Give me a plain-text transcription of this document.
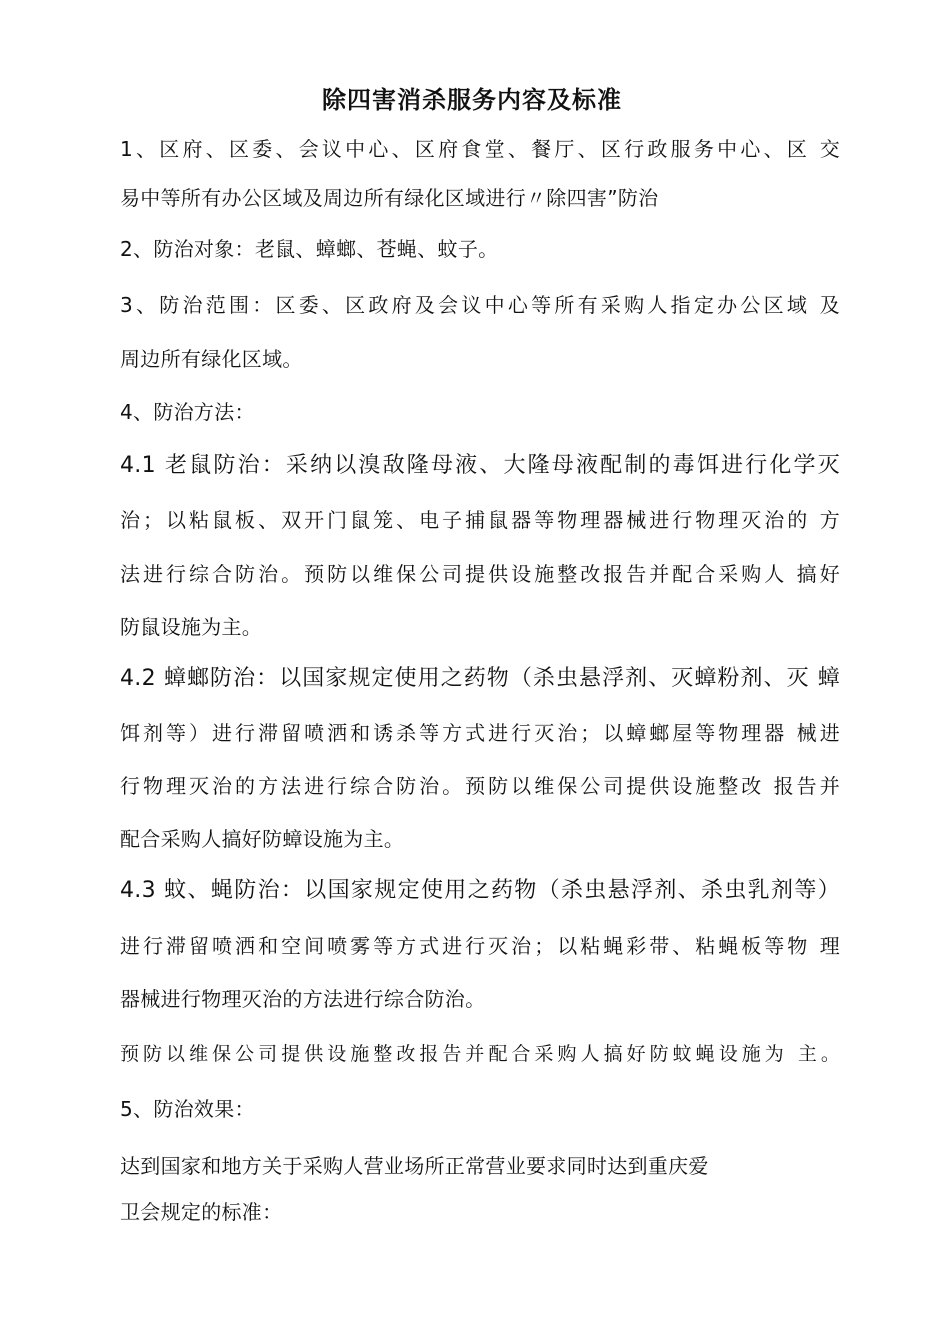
除四害消杀服务内容及标准
1、区府、区委、会议中心、区府食堂、餐厅、区行政服务中心、区 交
易中等所有办公区域及周边所有绿化区域进行〃除四害”防治
2、防治对象：老鼠、蟑螂、苍蝇、蚊子。
3、防治范围：区委、区政府及会议中心等所有采购人指定办公区域 及
周边所有绿化区域。
4、防治方法：
4.1 老鼠防治：采纳以溴敌隆母液、大隆母液配制的毒饵进行化学灭
治；以粘鼠板、双开门鼠笼、电子捕鼠器等物理器械进行物理灭治的 方
法进行综合防治。预防以维保公司提供设施整改报告并配合采购人 搞好
防鼠设施为主。
4.2 蟑螂防治：以国家规定使用之药物（杀虫悬浮剂、灭蟑粉剂、灭 蟑
饵剂等）进行滞留喷洒和诱杀等方式进行灭治；以蟑螂屋等物理器 械进
行物理灭治的方法进行综合防治。预防以维保公司提供设施整改 报告并
配合采购人搞好防蟑设施为主。
4.3 蚊、蝇防治：以国家规定使用之药物（杀虫悬浮剂、杀虫乳剂等）
进行滞留喷洒和空间喷雾等方式进行灭治；以粘蝇彩带、粘蝇板等物 理
器械进行物理灭治的方法进行综合防治。
预防以维保公司提供设施整改报告并配合采购人搞好防蚊蝇设施为 主。
5、防治效果：
达到国家和地方关于采购人营业场所正常营业要求同时达到重庆爱
卫会规定的标准：
